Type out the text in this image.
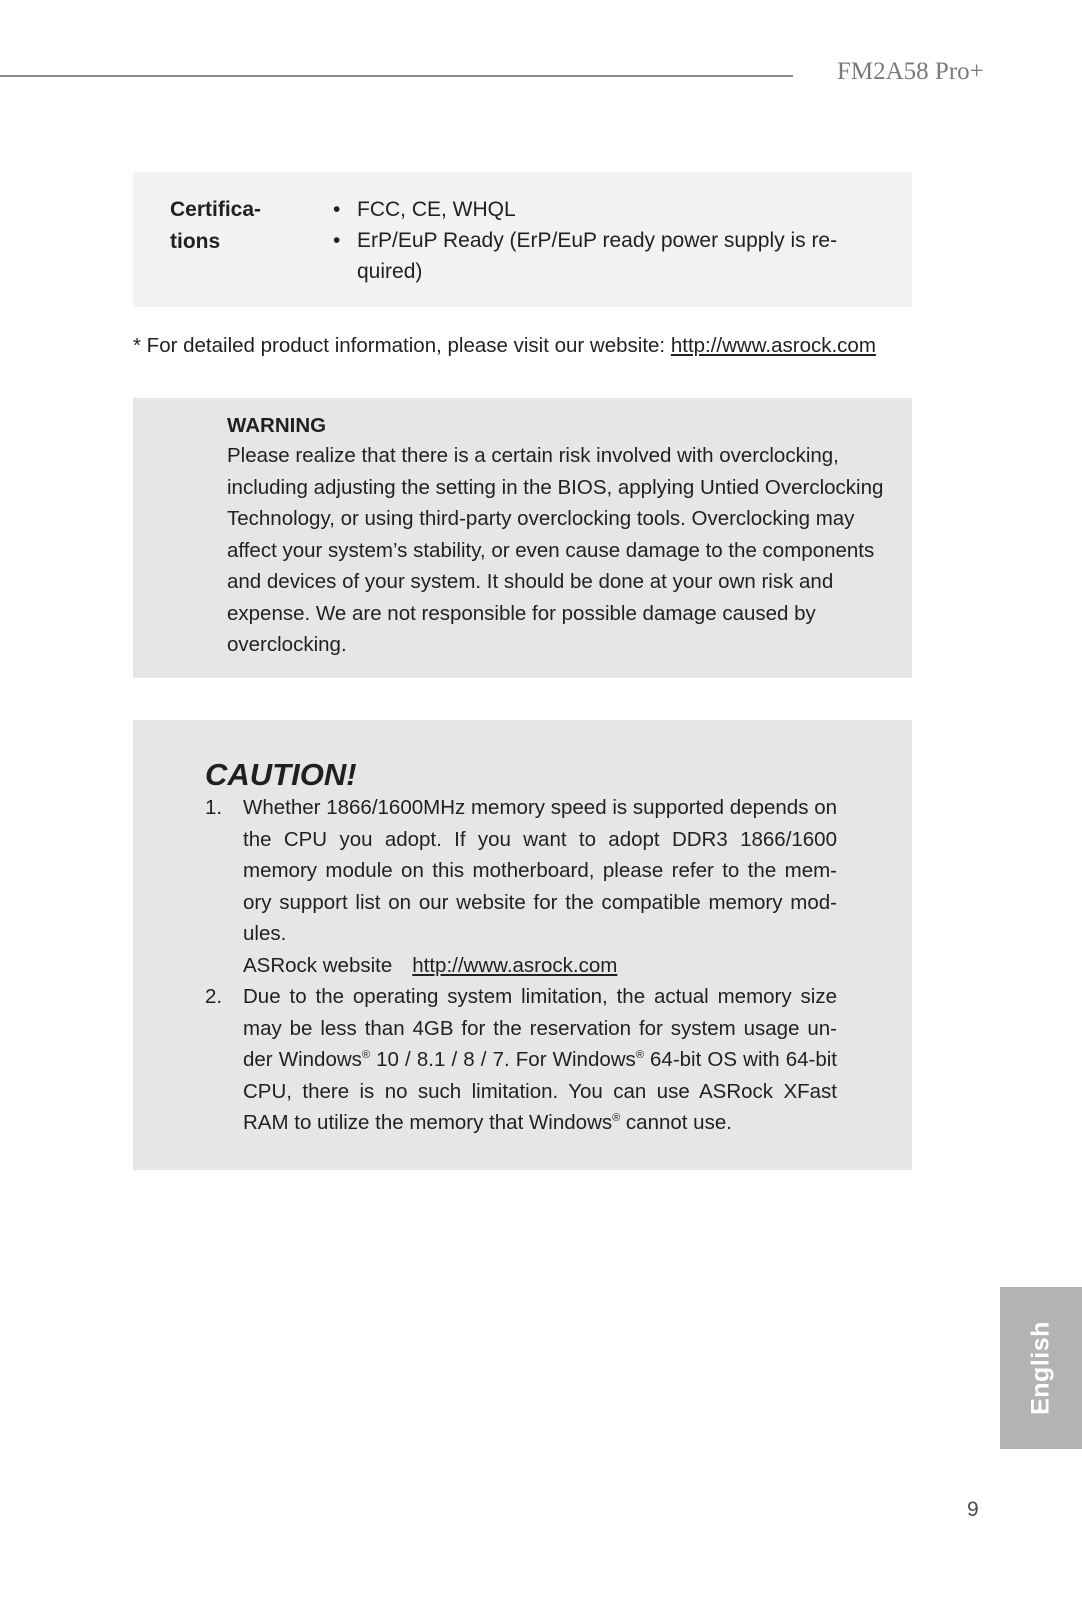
FM2A58 Pro+
Certifica-
tions
• FCC, CE, WHQL
• ErP/EuP Ready (ErP/EuP ready power supply is re-quired)
* For detailed product information, please visit our website: http://www.asrock.com
WARNING
Please realize that there is a certain risk involved with overclocking, including adjusting the setting in the BIOS, applying Untied Overclocking Technology, or using third-party overclocking tools. Overclocking may affect your system’s stability, or even cause damage to the components and devices of your system. It should be done at your own risk and expense. We are not responsible for possible damage caused by overclocking.
CAUTION!
1. Whether 1866/1600MHz memory speed is supported depends on the CPU you adopt. If you want to adopt DDR3 1866/1600 memory module on this motherboard, please refer to the mem-ory support list on our website for the compatible memory mod-ules.
ASRock website http://www.asrock.com
2. Due to the operating system limitation, the actual memory size may be less than 4GB for the reservation for system usage un-der Windows® 10 / 8.1 / 8 / 7. For Windows® 64-bit OS with 64-bit CPU, there is no such limitation. You can use ASRock XFast RAM to utilize the memory that Windows® cannot use.
English
9
